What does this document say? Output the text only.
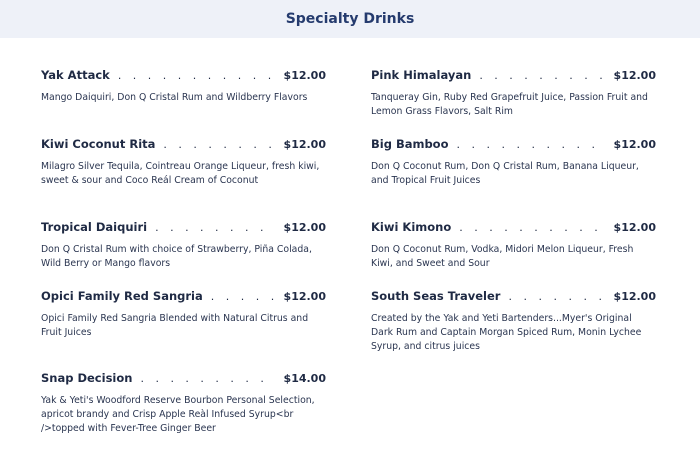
Specialty Drinks
Yak Attack . . .	$12.00
Mango Daiquiri, Don Q Cristal Rum and Wildberry Flavors
Kiwi Coconut Rita . . .	$12.00
Milagro Silver Tequila, Cointreau Orange Liqueur, fresh kiwi, sweet & sour and Coco Reál Cream of Coconut
Tropical Daiquiri . . .	$12.00
Don Q Cristal Rum with choice of Strawberry, Piña Colada, Wild Berry or Mango flavors
Opici Family Red Sangria . . .	$12.00
Opici Family Red Sangria Blended with Natural Citrus and Fruit Juices
Snap Decision . . .	$14.00
Yak & Yeti's Woodford Reserve Bourbon Personal Selection, apricot brandy and Crisp Apple Reàl Infused Syrup<br />topped with Fever-Tree Ginger Beer
Pink Himalayan . . .	$12.00
Tanqueray Gin, Ruby Red Grapefruit Juice, Passion Fruit and Lemon Grass Flavors, Salt Rim
Big Bamboo . . .	$12.00
Don Q Coconut Rum, Don Q Cristal Rum, Banana Liqueur, and Tropical Fruit Juices
Kiwi Kimono . . .	$12.00
Don Q Coconut Rum, Vodka, Midori Melon Liqueur, Fresh Kiwi, and Sweet and Sour
South Seas Traveler . . .	$12.00
Created by the Yak and Yeti Bartenders...Myer's Original Dark Rum and Captain Morgan Spiced Rum, Monin Lychee Syrup, and citrus juices
